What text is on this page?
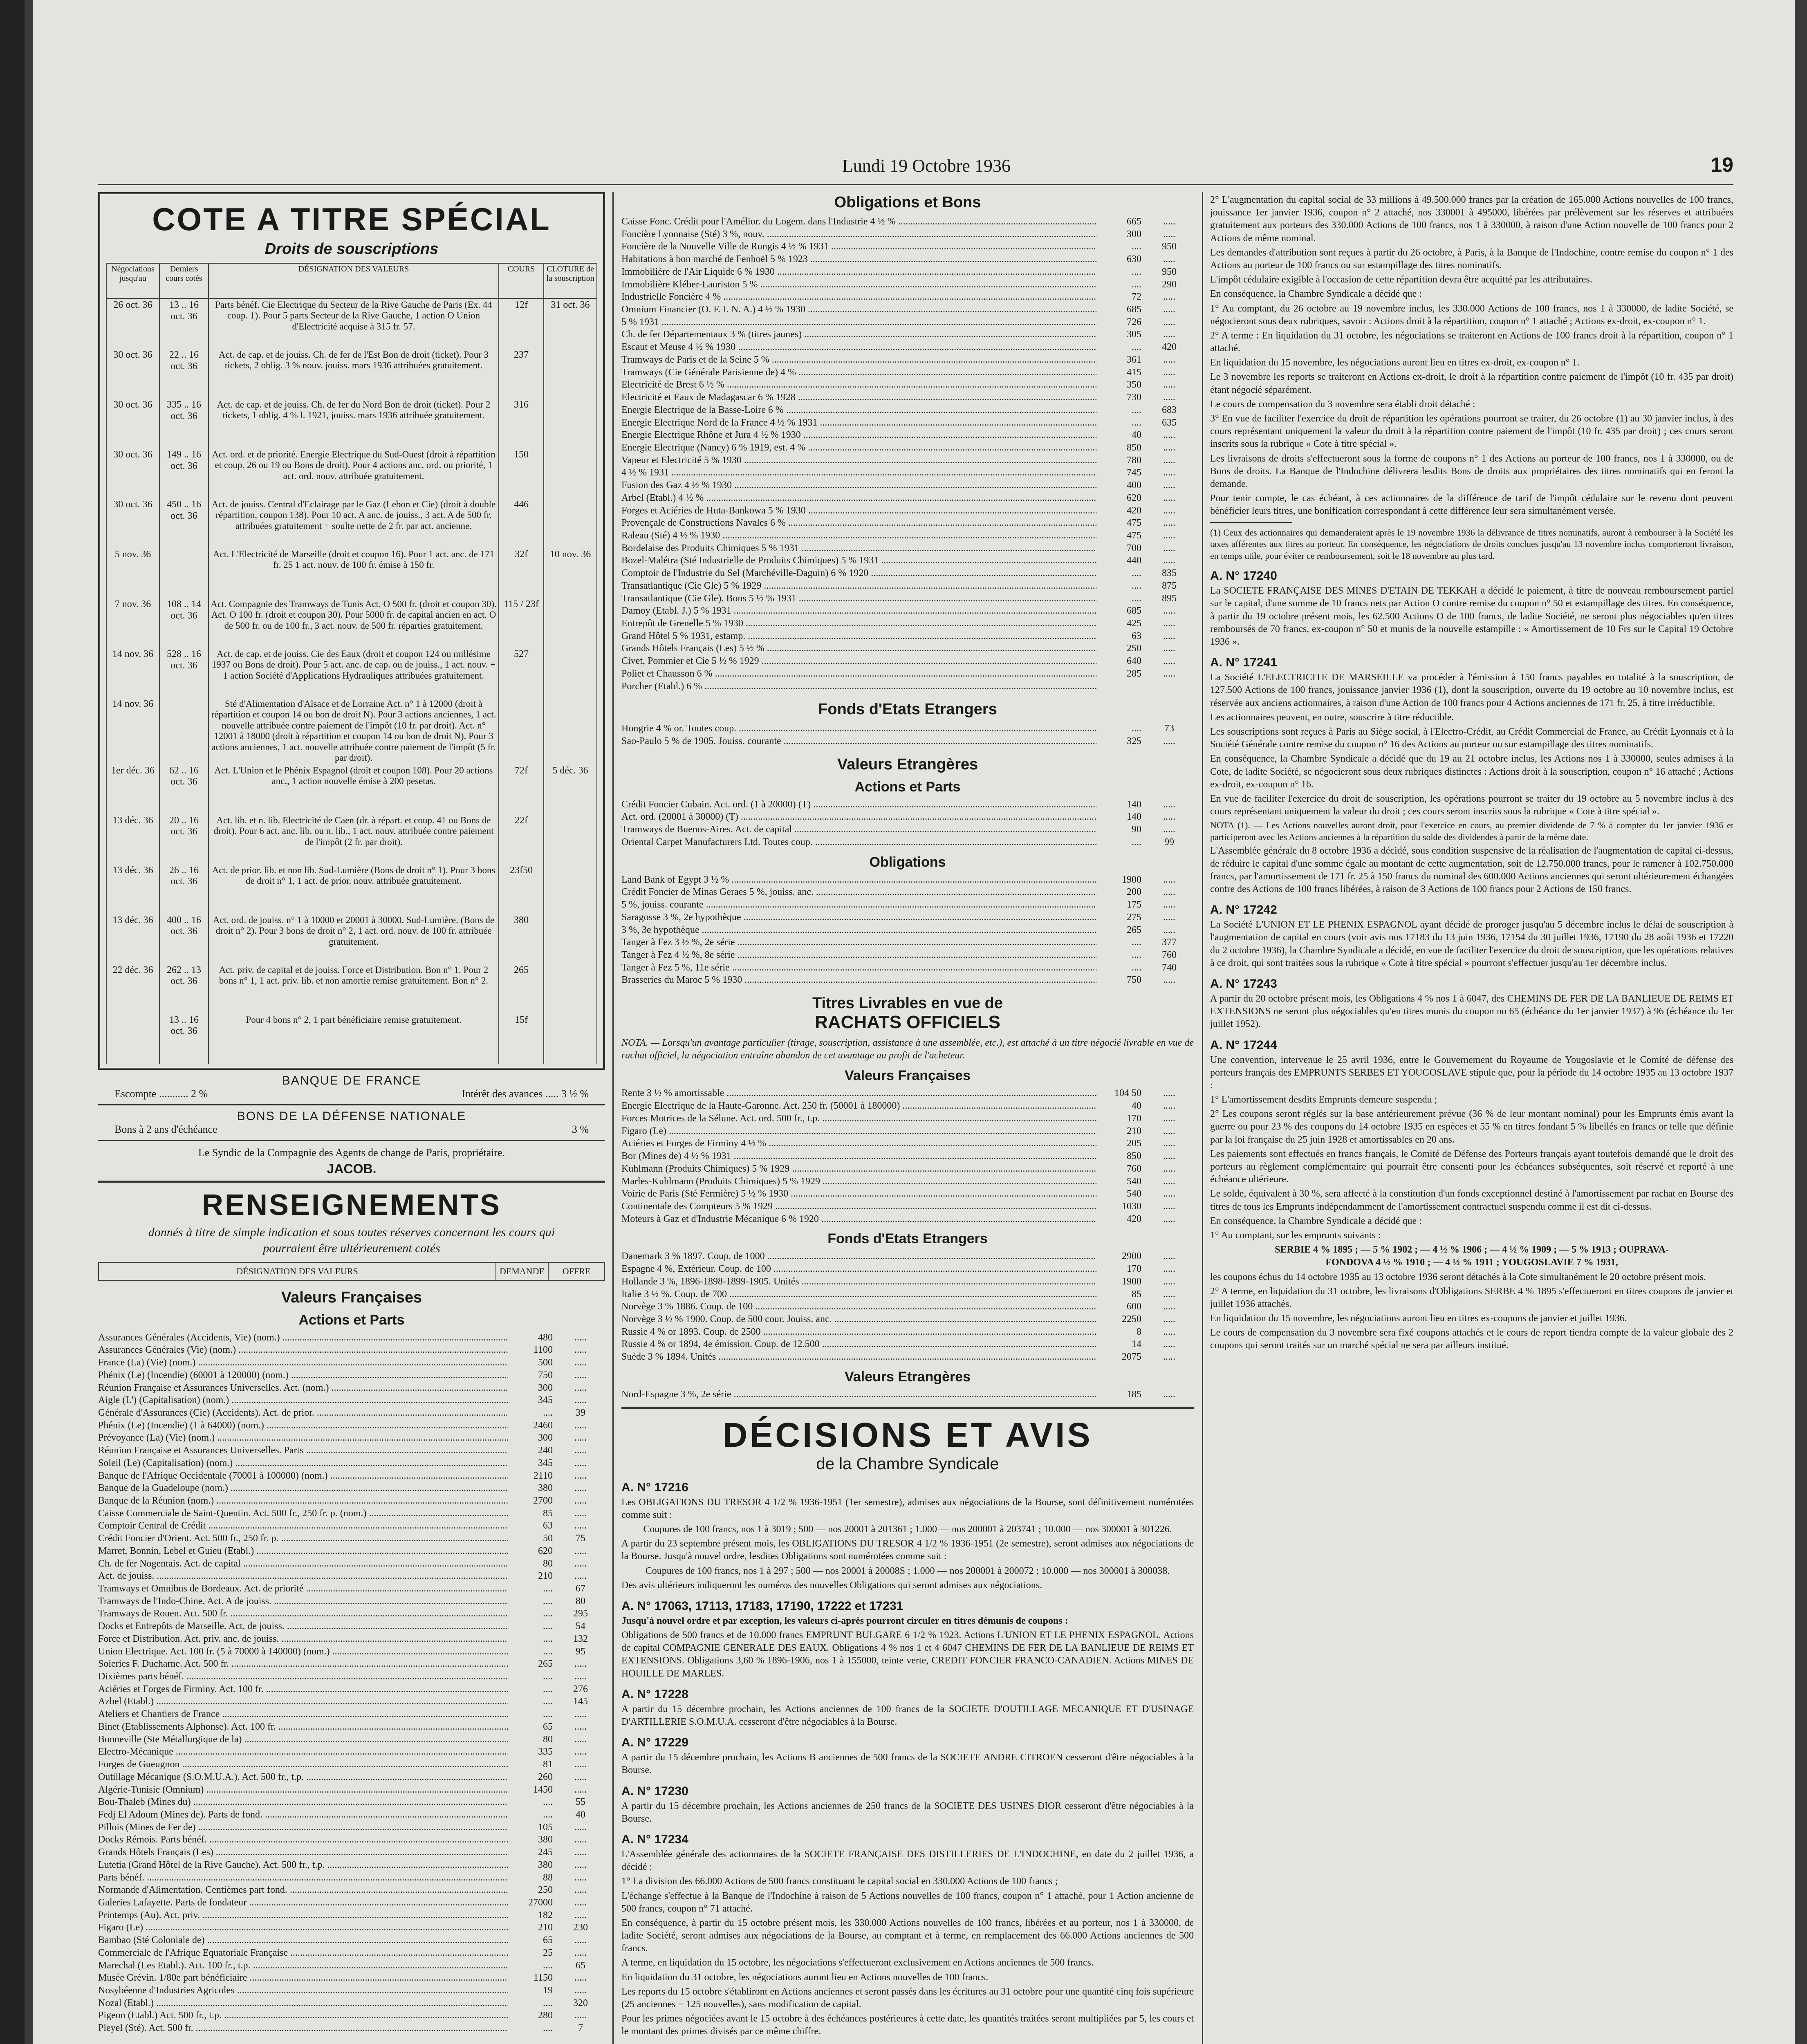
Lundi 19 Octobre 1936	19
COTE A TITRE SPÉCIAL
Droits de souscriptions
Négociations jusqu'au	Derniers cours cotés	DÉSIGNATION DES VALEURS	COURS	CLOTURE de la souscription
26 oct. 36	13 .. 16 oct. 36	Parts bénéf. Cie Electrique du Secteur de la Rive Gauche de Paris (Ex. 44 coup. 1). Pour 5 parts Secteur de la Rive Gauche, 1 action O Union d'Electricité acquise à 315 fr. 57.	12f	31 oct. 36
30 oct. 36	22 .. 16 oct. 36	Act. de cap. et de jouiss. Ch. de fer de l'Est Bon de droit (ticket). Pour 3 tickets, 2 oblig. 3 % nouv. jouiss. mars 1936 attribuées gratuitement.	237	
30 oct. 36	335 .. 16 oct. 36	Act. de cap. et de jouiss. Ch. de fer du Nord Bon de droit (ticket). Pour 2 tickets, 1 oblig. 4 % l. 1921, jouiss. mars 1936 attribuée gratuitement.	316	
30 oct. 36	149 .. 16 oct. 36	Act. ord. et de priorité. Energie Electrique du Sud-Ouest (droit à répartition et coup. 26 ou 19 ou Bons de droit). Pour 4 actions anc. ord. ou priorité, 1 act. ord. nouv. attribuée gratuitement.	150	
30 oct. 36	450 .. 16 oct. 36	Act. de jouiss. Central d'Eclairage par le Gaz (Lebon et Cie) (droit à double répartition, coupon 138). Pour 10 act. A anc. de jouiss., 3 act. A de 500 fr. attribuées gratuitement + soulte nette de 2 fr. par act. ancienne.	446	
5 nov. 36		Act. L'Electricité de Marseille (droit et coupon 16). Pour 1 act. anc. de 171 fr. 25 1 act. nouv. de 100 fr. émise à 150 fr.	32f	10 nov. 36
7 nov. 36	108 .. 14 oct. 36	Act. Compagnie des Tramways de Tunis Act. O 500 fr. (droit et coupon 30). Act. O 100 fr. (droit et coupon 30). Pour 5000 fr. de capital ancien en act. O de 500 fr. ou de 100 fr., 3 act. nouv. de 500 fr. réparties gratuitement.	115 / 23f	
14 nov. 36	528 .. 16 oct. 36	Act. de cap. et de jouiss. Cie des Eaux (droit et coupon 124 ou millésime 1937 ou Bons de droit). Pour 5 act. anc. de cap. ou de jouiss., 1 act. nouv. + 1 action Société d'Applications Hydrauliques attribuées gratuitement.	527	
14 nov. 36		Sté d'Alimentation d'Alsace et de Lorraine Act. n° 1 à 12000 (droit à répartition et coupon 14 ou bon de droit N). Pour 3 actions anciennes, 1 act. nouvelle attribuée contre paiement de l'impôt (10 fr. par droit). Act. n° 12001 à 18000 (droit à répartition et coupon 14 ou bon de droit N). Pour 3 actions anciennes, 1 act. nouvelle attribuée contre paiement de l'impôt (5 fr. par droit).		
1er déc. 36	62 .. 16 oct. 36	Act. L'Union et le Phénix Espagnol (droit et coupon 108). Pour 20 actions anc., 1 action nouvelle émise à 200 pesetas.	72f	5 déc. 36
13 déc. 36	20 .. 16 oct. 36	Act. lib. et n. lib. Electricité de Caen (dr. à répart. et coup. 41 ou Bons de droit). Pour 6 act. anc. lib. ou n. lib., 1 act. nouv. attribuée contre paiement de l'impôt (2 fr. par droit).	22f	
13 déc. 36	26 .. 16 oct. 36	Act. de prior. lib. et non lib. Sud-Lumière (Bons de droit n° 1). Pour 3 bons de droit n° 1, 1 act. de prior. nouv. attribuée gratuitement.	23f50	
13 déc. 36	400 .. 16 oct. 36	Act. ord. de jouiss. n° 1 à 10000 et 20001 à 30000. Sud-Lumière. (Bons de droit n° 2). Pour 3 bons de droit n° 2, 1 act. ord. nouv. de 100 fr. attribuée gratuitement.	380	
22 déc. 36	262 .. 13 oct. 36	Act. priv. de capital et de jouiss. Force et Distribution. Bon n° 1. Pour 2 bons n° 1, 1 act. priv. lib. et non amortie remise gratuitement. Bon n° 2.	265	
	13 .. 16 oct. 36	Pour 4 bons n° 2, 1 part bénéficiaire remise gratuitement.	15f	
BANQUE DE FRANCE
Escompte ........... 2 %	Intérêt des avances ..... 3 ½ %
BONS DE LA DÉFENSE NATIONALE
Bons à 2 ans d'échéance	3 %
Le Syndic de la Compagnie des Agents de change de Paris, propriétaire.
JACOB.
RENSEIGNEMENTS
donnés à titre de simple indication et sous toutes réserves concernant les cours qui pourraient être ultérieurement cotés
DÉSIGNATION DES VALEURS	DEMANDE	OFFRE
Valeurs Françaises
Actions et Parts
Assurances Générales (Accidents, Vie) (nom.) .....	480	.....
Assurances Générales (Vie) (nom.) .....	1100	.....
France (La) (Vie) (nom.) .....	500	.....
Phénix (Le) (Incendie) (60001 à 120000) (nom.) .....	750	.....
Réunion Française et Assurances Universelles. Act. (nom.) .....	300	.....
Aigle (L') (Capitalisation) (nom.) .....	345	.....
Générale d'Assurances (Cie) (Accidents). Act. de prior. .....	....	39
Phénix (Le) (Incendie) (1 à 64000) (nom.) .....	2460	.....
Prévoyance (La) (Vie) (nom.) .....	300	.....
Réunion Française et Assurances Universelles. Parts .....	240	.....
Soleil (Le) (Capitalisation) (nom.) .....	345	.....
Banque de l'Afrique Occidentale (70001 à 100000) (nom.) .....	2110	.....
Banque de la Guadeloupe (nom.) .....	380	.....
Banque de la Réunion (nom.) .....	2700	.....
Caisse Commerciale de Saint-Quentin. Act. 500 fr., 250 fr. p. (nom.) .....	85	.....
Comptoir Central de Crédit .....	63	.....
Crédit Foncier d'Orient. Act. 500 fr., 250 fr. p. .....	50	75
Marret, Bonnin, Lebel et Guieu (Etabl.) .....	620	.....
Ch. de fer Nogentais. Act. de capital .....	80	.....
Act. de jouiss. .....	210	.....
Tramways et Omnibus de Bordeaux. Act. de priorité .....	....	67
Tramways de l'Indo-Chine. Act. A de jouiss. .....	....	80
Tramways de Rouen. Act. 500 fr. .....	....	295
Docks et Entrepôts de Marseille. Act. de jouiss. .....	....	54
Force et Distribution. Act. priv. anc. de jouiss. .....	....	132
Union Electrique. Act. 100 fr. (5 à 70000 à 140000) (nom.) .....	....	95
Soieries F. Ducharne. Act. 500 fr. .....	265	.....
Dixièmes parts bénéf. .....	....	.....
Aciéries et Forges de Firminy. Act. 100 fr. .....	....	276
Azbel (Etabl.) .....	....	145
Ateliers et Chantiers de France .....	....	.....
Binet (Etablissements Alphonse). Act. 100 fr. .....	65	.....
Bonneville (Ste Métallurgique de la) .....	80	.....
Electro-Mécanique .....	335	.....
Forges de Gueugnon .....	81	.....
Outillage Mécanique (S.O.M.U.A.). Act. 500 fr., t.p. .....	260	.....
Algérie-Tunisie (Omnium) .....	1450	.....
Bou-Thaleb (Mines du) .....	....	55
Fedj El Adoum (Mines de). Parts de fond. .....	....	40
Pillois (Mines de Fer de) .....	105	.....
Docks Rémois. Parts bénéf. .....	380	.....
Grands Hôtels Français (Les) .....	245	.....
Lutetia (Grand Hôtel de la Rive Gauche). Act. 500 fr., t.p. .....	380	.....
Parts bénéf. .....	88	.....
Normande d'Alimentation. Centièmes part fond. .....	250	.....
Galeries Lafayette. Parts de fondateur .....	27000	.....
Printemps (Au). Act. priv. .....	182	.....
Figaro (Le) .....	210	230
Bambao (Sté Coloniale de) .....	65	.....
Commerciale de l'Afrique Equatoriale Française .....	25	.....
Marechal (Les Etabl.). Act. 100 fr., t.p. .....	....	65
Musée Grévin. 1/80e part bénéficiaire .....	1150	.....
Nosybéenne d'Industries Agricoles .....	19	.....
Nozal (Etabl.) .....	....	320
Pigeon (Etabl.) Act. 500 fr., t.p. .....	280	.....
Pleyel (Sté). Act. 500 fr. .....	....	7
Obligations et Bons
Caisse Fonc. Crédit pour l'Amélior. du Logem. dans l'Industrie 4 ½ % .....	665	.....
Foncière Lyonnaise (Sté) 3 %, nouv. .....	300	.....
Foncière de la Nouvelle Ville de Rungis 4 ½ % 1931 .....	....	950
Habitations à bon marché de Fenhoël 5 % 1923 .....	630	.....
Immobilière de l'Air Liquide 6 % 1930 .....	....	950
Immobilière Kléber-Lauriston 5 % .....	....	290
Industrielle Foncière 4 % .....	72	.....
Omnium Financier (O. F. I. N. A.) 4 ½ % 1930 .....	685	.....
5 % 1931 .....	726	.....
Ch. de fer Départementaux 3 % (titres jaunes) .....	305	.....
Escaut et Meuse 4 ½ % 1930 .....	....	420
Tramways de Paris et de la Seine 5 % .....	361	.....
Tramways (Cie Générale Parisienne de) 4 % .....	415	.....
Electricité de Brest 6 ½ % .....	350	.....
Electricité et Eaux de Madagascar 6 % 1928 .....	730	.....
Energie Electrique de la Basse-Loire 6 % .....	....	683
Energie Electrique Nord de la France 4 ½ % 1931 .....	....	635
Energie Electrique Rhône et Jura 4 ½ % 1930 .....	40	.....
Energie Electrique (Nancy) 6 % 1919, est. 4 % .....	850	.....
Vapeur et Electricité 5 % 1930 .....	780	.....
4 ½ % 1931 .....	745	.....
Fusion des Gaz 4 ½ % 1930 .....	400	.....
Arbel (Etabl.) 4 ½ % .....	620	.....
Forges et Aciéries de Huta-Bankowa 5 % 1930 .....	420	.....
Provençale de Constructions Navales 6 % .....	475	.....
Raleau (Sté) 4 ½ % 1930 .....	475	.....
Bordelaise des Produits Chimiques 5 % 1931 .....	700	.....
Bozel-Malétra (Sté Industrielle de Produits Chimiques) 5 % 1931 .....	440	.....
Comptoir de l'Industrie du Sel (Marchéville-Daguin) 6 % 1920 .....	....	835
Transatlantique (Cie Gle) 5 % 1929 .....	....	875
Transatlantique (Cie Gle). Bons 5 ½ % 1931 .....	....	895
Damoy (Etabl. J.) 5 % 1931 .....	685	.....
Entrepôt de Grenelle 5 % 1930 .....	425	.....
Grand Hôtel 5 % 1931, estamp. .....	63	.....
Grands Hôtels Français (Les) 5 ½ % .....	250	.....
Civet, Pommier et Cie 5 ½ % 1929 .....	640	.....
Poliet et Chausson 6 % .....	285	.....
Porcher (Etabl.) 6 % .....
Fonds d'Etats Etrangers
Hongrie 4 % or. Toutes coup. .....	....	73
Sao-Paulo 5 % de 1905. Jouiss. courante .....	325	.....
Valeurs Etrangères
Actions et Parts
Crédit Foncier Cubain. Act. ord. (1 à 20000) (T) .....	140	.....
Act. ord. (20001 à 30000) (T) .....	140	.....
Tramways de Buenos-Aires. Act. de capital .....	90	.....
Oriental Carpet Manufacturers Ltd. Toutes coup. .....	....	99
Obligations
Land Bank of Egypt 3 ½ % .....	1900	.....
Crédit Foncier de Minas Geraes 5 %, jouiss. anc. .....	200	.....
5 %, jouiss. courante .....	175	.....
Saragosse 3 %, 2e hypothèque .....	275	.....
3 %, 3e hypothèque .....	265	.....
Tanger à Fez 3 ½ %, 2e série .....	....	377
Tanger à Fez 4 ½ %, 8e série .....	....	760
Tanger à Fez 5 %, 11e série .....	....	740
Brasseries du Maroc 5 % 1930 .....	750	.....
Titres Livrables en vue de
RACHATS OFFICIELS
NOTA. — Lorsqu'un avantage particulier (tirage, souscription, assistance à une assemblée, etc.), est attaché à un titre négocié livrable en vue de rachat officiel, la négociation entraîne abandon de cet avantage au profit de l'acheteur.
Valeurs Françaises
Rente 3 ½ % amortissable .....	104 50	.....
Energie Electrique de la Haute-Garonne. Act. 250 fr. (50001 à 180000) .....	40	.....
Forces Motrices de la Sélune. Act. ord. 500 fr., t.p. .....	170	.....
Figaro (Le) .....	210	.....
Aciéries et Forges de Firminy 4 ½ % .....	205	.....
Bor (Mines de) 4 ½ % 1931 .....	850	.....
Kuhlmann (Produits Chimiques) 5 % 1929 .....	760	.....
Marles-Kuhlmann (Produits Chimiques) 5 % 1929 .....	540	.....
Voirie de Paris (Sté Fermière) 5 ½ % 1930 .....	540	.....
Continentale des Compteurs 5 % 1929 .....	1030	.....
Moteurs à Gaz et d'Industrie Mécanique 6 % 1920 .....	420	.....
Fonds d'Etats Etrangers
Danemark 3 % 1897. Coup. de 1000 .....	2900	.....
Espagne 4 %, Extérieur. Coup. de 100 .....	170	.....
Hollande 3 %, 1896-1898-1899-1905. Unités .....	1900	.....
Italie 3 ½ %. Coup. de 700 .....	85	.....
Norvège 3 % 1886. Coup. de 100 .....	600	.....
Norvège 3 ½ % 1900. Coup. de 500 cour. Jouiss. anc. .....	2250	.....
Russie 4 % or 1893. Coup. de 2500 .....	8	.....
Russie 4 % or 1894, 4e émission. Coup. de 12.500 .....	14	.....
Suède 3 % 1894. Unités .....	2075	.....
Valeurs Etrangères
Nord-Espagne 3 %, 2e série .....	185	.....
DÉCISIONS ET AVIS
de la Chambre Syndicale
A. N° 17216
Les OBLIGATIONS DU TRESOR 4 1/2 % 1936-1951 (1er semestre), admises aux négociations de la Bourse, sont définitivement numérotées comme suit :
Coupures de 100 francs, nos 1 à 3019 ; 500 — nos 20001 à 201361 ; 1.000 — nos 200001 à 203741 ; 10.000 — nos 300001 à 301226.
A partir du 23 septembre présent mois, les OBLIGATIONS DU TRESOR 4 1/2 % 1936-1951 (2e semestre), seront admises aux négociations de la Bourse. Jusqu'à nouvel ordre, lesdites Obligations sont numérotées comme suit :
Coupures de 100 francs, nos 1 à 297 ; 500 — nos 20001 à 20008S ; 1.000 — nos 200001 à 200072 ; 10.000 — nos 300001 à 300038.
Des avis ultérieurs indiqueront les numéros des nouvelles Obligations qui seront admises aux négociations.
A. N° 17063, 17113, 17183, 17190, 17222 et 17231
Jusqu'à nouvel ordre et par exception, les valeurs ci-après pourront circuler en titres démunis de coupons :
Obligations de 500 francs et de 10.000 francs EMPRUNT BULGARE 6 1/2 % 1923. Actions L'UNION ET LE PHENIX ESPAGNOL. Actions de capital COMPAGNIE GENERALE DES EAUX. Obligations 4 % nos 1 et 4 6047 CHEMINS DE FER DE LA BANLIEUE DE REIMS ET EXTENSIONS. Obligations 3,60 % 1896-1906, nos 1 à 155000, teinte verte, CREDIT FONCIER FRANCO-CANADIEN. Actions MINES DE HOUILLE DE MARLES.
A. N° 17228
A partir du 15 décembre prochain, les Actions anciennes de 100 francs de la SOCIETE D'OUTILLAGE MECANIQUE ET D'USINAGE D'ARTILLERIE S.O.M.U.A. cesseront d'être négociables à la Bourse.
A. N° 17229
A partir du 15 décembre prochain, les Actions B anciennes de 500 francs de la SOCIETE ANDRE CITROEN cesseront d'être négociables à la Bourse.
A. N° 17230
A partir du 15 décembre prochain, les Actions anciennes de 250 francs de la SOCIETE DES USINES DIOR cesseront d'être négociables à la Bourse.
A. N° 17234
L'Assemblée générale des actionnaires de la SOCIETE FRANÇAISE DES DISTILLERIES DE L'INDOCHINE, en date du 2 juillet 1936, a décidé :
1° La division des 66.000 Actions de 500 francs constituant le capital social en 330.000 Actions de 100 francs ;
L'échange s'effectue à la Banque de l'Indochine à raison de 5 Actions nouvelles de 100 francs, coupon n° 1 attaché, pour 1 Action ancienne de 500 francs, coupon n° 71 attaché.
En conséquence, à partir du 15 octobre présent mois, les 330.000 Actions nouvelles de 100 francs, libérées et au porteur, nos 1 à 330000, de ladite Société, seront admises aux négociations de la Bourse, au comptant et à terme, en remplacement des 66.000 Actions anciennes de 500 francs.
A terme, en liquidation du 15 octobre, les négociations s'effectueront exclusivement en Actions anciennes de 500 francs.
En liquidation du 31 octobre, les négociations auront lieu en Actions nouvelles de 100 francs.
Les reports du 15 octobre s'établiront en Actions anciennes et seront passés dans les écritures au 31 octobre pour une quantité cinq fois supérieure (25 anciennes = 125 nouvelles), sans modification de capital.
Pour les primes négociées avant le 15 octobre à des échéances postérieures à cette date, les quantités traitées seront multipliées par 5, les cours et le montant des primes divisés par ce même chiffre.
2° L'augmentation du capital social de 33 millions à 49.500.000 francs par la création de 165.000 Actions nouvelles de 100 francs, jouissance 1er janvier 1936, coupon n° 2 attaché, nos 330001 à 495000, libérées par prélèvement sur les réserves et attribuées gratuitement aux porteurs des 330.000 Actions de 100 francs, nos 1 à 330000, à raison d'une Action nouvelle de 100 francs pour 2 Actions de même nominal.
Les demandes d'attribution sont reçues à partir du 26 octobre, à Paris, à la Banque de l'Indochine, contre remise du coupon n° 1 des Actions au porteur de 100 francs ou sur estampillage des titres nominatifs.
L'impôt cédulaire exigible à l'occasion de cette répartition devra être acquitté par les attributaires.
En conséquence, la Chambre Syndicale a décidé que :
1° Au comptant, du 26 octobre au 19 novembre inclus, les 330.000 Actions de 100 francs, nos 1 à 330000, de ladite Société, se négocieront sous deux rubriques, savoir : Actions droit à la répartition, coupon n° 1 attaché ; Actions ex-droit, ex-coupon n° 1.
2° A terme : En liquidation du 31 octobre, les négociations se traiteront en Actions de 100 francs droit à la répartition, coupon n° 1 attaché.
En liquidation du 15 novembre, les négociations auront lieu en titres ex-droit, ex-coupon n° 1.
Le 3 novembre les reports se traiteront en Actions ex-droit, le droit à la répartition contre paiement de l'impôt (10 fr. 435 par droit) étant négocié séparément.
Le cours de compensation du 3 novembre sera établi droit détaché :
3° En vue de faciliter l'exercice du droit de répartition les opérations pourront se traiter, du 26 octobre (1) au 30 janvier inclus, à des cours représentant uniquement la valeur du droit à la répartition contre paiement de l'impôt (10 fr. 435 par droit) ; ces cours seront inscrits sous la rubrique « Cote à titre spécial ».
Les livraisons de droits s'effectueront sous la forme de coupons n° 1 des Actions au porteur de 100 francs, nos 1 à 330000, ou de Bons de droits. La Banque de l'Indochine délivrera lesdits Bons de droits aux propriétaires des titres nominatifs qui en feront la demande.
Pour tenir compte, le cas échéant, à ces actionnaires de la différence de tarif de l'impôt cédulaire sur le revenu dont peuvent bénéficier leurs titres, une bonification correspondant à cette différence leur sera simultanément versée.
(1) Ceux des actionnaires qui demanderaient après le 19 novembre 1936 la délivrance de titres nominatifs, auront à rembourser à la Société les taxes afférentes aux titres au porteur. En conséquence, les négociations de droits conclues jusqu'au 13 novembre inclus comporteront livraison, en temps utile, pour éviter ce remboursement, soit le 18 novembre au plus tard.
A. N° 17240
La SOCIETE FRANÇAISE DES MINES D'ETAIN DE TEKKAH a décidé le paiement, à titre de nouveau remboursement partiel sur le capital, d'une somme de 10 francs nets par Action O contre remise du coupon n° 50 et estampillage des titres. En conséquence, à partir du 19 octobre présent mois, les 62.500 Actions O de 100 francs, de ladite Société, ne seront plus négociables qu'en titres remboursés de 70 francs, ex-coupon n° 50 et munis de la nouvelle estampille : « Amortissement de 10 Frs sur le Capital 19 Octobre 1936 ».
A. N° 17241
La Société L'ELECTRICITE DE MARSEILLE va procéder à l'émission à 150 francs payables en totalité à la souscription, de 127.500 Actions de 100 francs, jouissance janvier 1936 (1), dont la souscription, ouverte du 19 octobre au 10 novembre inclus, est réservée aux anciens actionnaires, à raison d'une Action de 100 francs pour 4 Actions anciennes de 171 fr. 25, à titre irréductible.
Les actionnaires peuvent, en outre, souscrire à titre réductible.
Les souscriptions sont reçues à Paris au Siège social, à l'Electro-Crédit, au Crédit Commercial de France, au Crédit Lyonnais et à la Société Générale contre remise du coupon n° 16 des Actions au porteur ou sur estampillage des titres nominatifs.
En conséquence, la Chambre Syndicale a décidé que du 19 au 21 octobre inclus, les Actions nos 1 à 330000, seules admises à la Cote, de ladite Société, se négocieront sous deux rubriques distinctes : Actions droit à la souscription, coupon n° 16 attaché ; Actions ex-droit, ex-coupon n° 16.
En vue de faciliter l'exercice du droit de souscription, les opérations pourront se traiter du 19 octobre au 5 novembre inclus à des cours représentant uniquement la valeur du droit ; ces cours seront inscrits sous la rubrique « Cote à titre spécial ».
NOTA (1). — Les Actions nouvelles auront droit, pour l'exercice en cours, au premier dividende de 7 % à compter du 1er janvier 1936 et participeront avec les Actions anciennes à la répartition du solde des dividendes à partir de la même date.
L'Assemblée générale du 8 octobre 1936 a décidé, sous condition suspensive de la réalisation de l'augmentation de capital ci-dessus, de réduire le capital d'une somme égale au montant de cette augmentation, soit de 12.750.000 francs, pour le ramener à 102.750.000 francs, par l'amortissement de 171 fr. 25 à 150 francs du nominal des 600.000 Actions anciennes qui seront ultérieurement échangées contre des Actions de 100 francs libérées, à raison de 3 Actions de 100 francs pour 2 Actions de 150 francs.
A. N° 17242
La Société L'UNION ET LE PHENIX ESPAGNOL ayant décidé de proroger jusqu'au 5 décembre inclus le délai de souscription à l'augmentation de capital en cours (voir avis nos 17183 du 13 juin 1936, 17154 du 30 juillet 1936, 17190 du 28 août 1936 et 17220 du 2 octobre 1936), la Chambre Syndicale a décidé, en vue de faciliter l'exercice du droit de souscription, que les opérations relatives à ce droit, qui sont traitées sous la rubrique « Cote à titre spécial » pourront s'effectuer jusqu'au 1er décembre inclus.
A. N° 17243
A partir du 20 octobre présent mois, les Obligations 4 % nos 1 à 6047, des CHEMINS DE FER DE LA BANLIEUE DE REIMS ET EXTENSIONS ne seront plus négociables qu'en titres munis du coupon no 65 (échéance du 1er janvier 1937) à 96 (échéance du 1er juillet 1952).
A. N° 17244
Une convention, intervenue le 25 avril 1936, entre le Gouvernement du Royaume de Yougoslavie et le Comité de défense des porteurs français des EMPRUNTS SERBES ET YOUGOSLAVE stipule que, pour la période du 14 octobre 1935 au 13 octobre 1937 :
1° L'amortissement desdits Emprunts demeure suspendu ;
2° Les coupons seront réglés sur la base antérieurement prévue (36 % de leur montant nominal) pour les Emprunts émis avant la guerre ou pour 23 % des coupons du 14 octobre 1935 en espèces et 55 % en titres fondant 5 % libellés en francs or telle que définie par la loi française du 25 juin 1928 et amortissables en 20 ans.
Les paiements sont effectués en francs français, le Comité de Défense des Porteurs français ayant toutefois demandé que le droit des porteurs au règlement complémentaire qui pourrait être consenti pour les échéances subséquentes, soit réservé et reporté à une échéance ultérieure.
Le solde, équivalent à 30 %, sera affecté à la constitution d'un fonds exceptionnel destiné à l'amortissement par rachat en Bourse des titres de tous les Emprunts indépendamment de l'amortissement contractuel suspendu comme il est dit ci-dessus.
En conséquence, la Chambre Syndicale a décidé que :
1° Au comptant, sur les emprunts suivants :
SERBIE 4 % 1895 ; — 5 % 1902 ; — 4 ½ % 1906 ; — 4 ½ % 1909 ; — 5 % 1913 ; OUPRAVA-FONDOVA 4 ½ % 1910 ; — 4 ½ % 1911 ; YOUGOSLAVIE 7 % 1931,
les coupons échus du 14 octobre 1935 au 13 octobre 1936 seront détachés à la Cote simultanément le 20 octobre présent mois.
2° A terme, en liquidation du 31 octobre, les livraisons d'Obligations SERBE 4 % 1895 s'effectueront en titres coupons de janvier et juillet 1936 attachés.
En liquidation du 15 novembre, les négociations auront lieu en titres ex-coupons de janvier et juillet 1936.
Le cours de compensation du 3 novembre sera fixé coupons attachés et le cours de report tiendra compte de la valeur globale des 2 coupons qui seront traités sur un marché spécial ne sera par ailleurs institué.
